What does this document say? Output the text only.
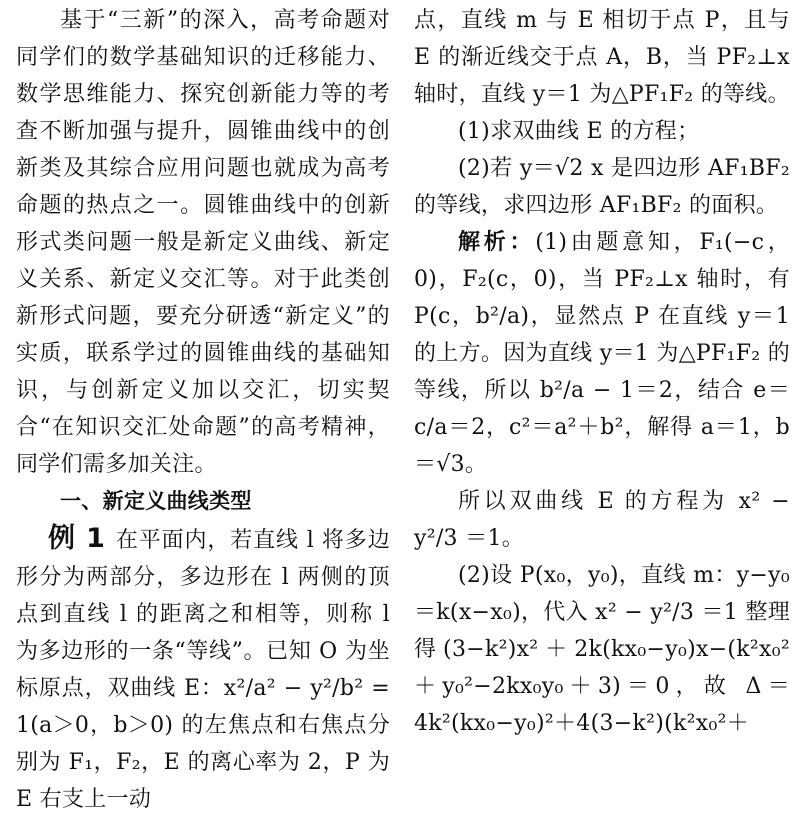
基于“三新”的深入，高考命题对同学们的数学基础知识的迁移能力、数学思维能力、探究创新能力等的考查不断加强与提升，圆锥曲线中的创新类及其综合应用问题也就成为高考命题的热点之一。圆锥曲线中的创新形式类问题一般是新定义曲线、新定义关系、新定义交汇等。对于此类创新形式问题，要充分研透“新定义”的实质，联系学过的圆锥曲线的基础知识，与创新定义加以交汇，切实契合“在知识交汇处命题”的高考精神，同学们需多加关注。

一、新定义曲线类型

例 1 在平面内，若直线 l 将多边形分为两部分，多边形在 l 两侧的顶点到直线 l 的距离之和相等，则称 l 为多边形的一条“等线”。已知 O 为坐标原点，双曲线 E：x²/a² − y²/b² = 1(a＞0，b＞0) 的左焦点和右焦点分别为 F₁，F₂，E 的离心率为 2，P 为 E 右支上一动

点，直线 m 与 E 相切于点 P，且与 E 的渐近线交于点 A，B，当 PF₂⊥x 轴时，直线 y＝1 为△PF₁F₂ 的等线。

(1)求双曲线 E 的方程；

(2)若 y＝√2 x 是四边形 AF₁BF₂ 的等线，求四边形 AF₁BF₂ 的面积。

解析：(1)由题意知，F₁(−c，0)，F₂(c，0)，当 PF₂⊥x 轴时，有 P(c，b²/a)，显然点 P 在直线 y＝1 的上方。因为直线 y＝1 为△PF₁F₂ 的等线，所以 b²/a − 1＝2，结合 e＝c/a＝2，c²＝a²＋b²，解得 a＝1，b＝√3。

所以双曲线 E 的方程为 x² − y²/3 ＝1。

(2)设 P(x₀，y₀)，直线 m：y−y₀＝k(x−x₀)，代入 x² − y²/3 ＝1 整理得(3−k²)x²＋2k(kx₀−y₀)x−(k²x₀²＋y₀²−2kx₀y₀＋3)＝0，故 Δ＝4k²(kx₀−y₀)²＋4(3−k²)(k²x₀²＋
